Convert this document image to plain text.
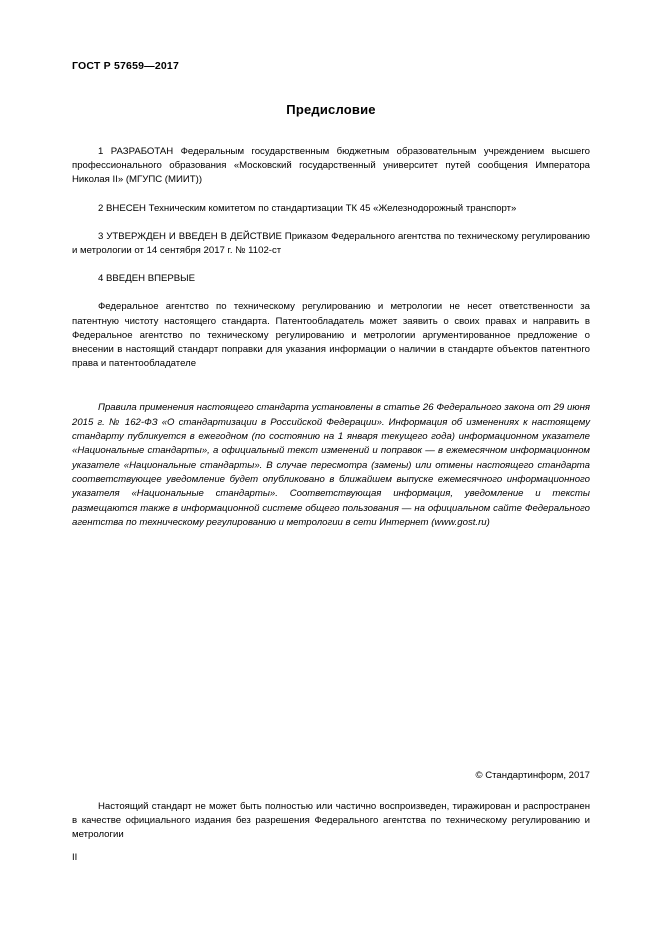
ГОСТ Р 57659—2017
Предисловие

1 РАЗРАБОТАН Федеральным государственным бюджетным образовательным учреждением высшего профессионального образования «Московский государственный университет путей сообщения Императора Николая II» (МГУПС (МИИТ))

2 ВНЕСЕН Техническим комитетом по стандартизации ТК 45 «Железнодорожный транспорт»

3 УТВЕРЖДЕН И ВВЕДЕН В ДЕЙСТВИЕ Приказом Федерального агентства по техническому регулированию и метрологии от 14 сентября 2017 г. № 1102-ст

4 ВВЕДЕН ВПЕРВЫЕ

Федеральное агентство по техническому регулированию и метрологии не несет ответственности за патентную чистоту настоящего стандарта. Патентообладатель может заявить о своих правах и направить в Федеральное агентство по техническому регулированию и метрологии аргументированное предложение о внесении в настоящий стандарт поправки для указания информации о наличии в стандарте объектов патентного права и патентообладателе

Правила применения настоящего стандарта установлены в статье 26 Федерального закона от 29 июня 2015 г. № 162-ФЗ «О стандартизации в Российской Федерации». Информация об изменениях к настоящему стандарту публикуется в ежегодном (по состоянию на 1 января текущего года) информационном указателе «Национальные стандарты», а официальный текст изменений и поправок — в ежемесячном информационном указателе «Национальные стандарты». В случае пересмотра (замены) или отмены настоящего стандарта соответствующее уведомление будет опубликовано в ближайшем выпуске ежемесячного информационного указателя «Национальные стандарты». Соответствующая информация, уведомление и тексты размещаются также в информационной системе общего пользования — на официальном сайте Федерального агентства по техническому регулированию и метрологии в сети Интернет (www.gost.ru)

© Стандартинформ, 2017

Настоящий стандарт не может быть полностью или частично воспроизведен, тиражирован и распространен в качестве официального издания без разрешения Федерального агентства по техническому регулированию и метрологии

II
